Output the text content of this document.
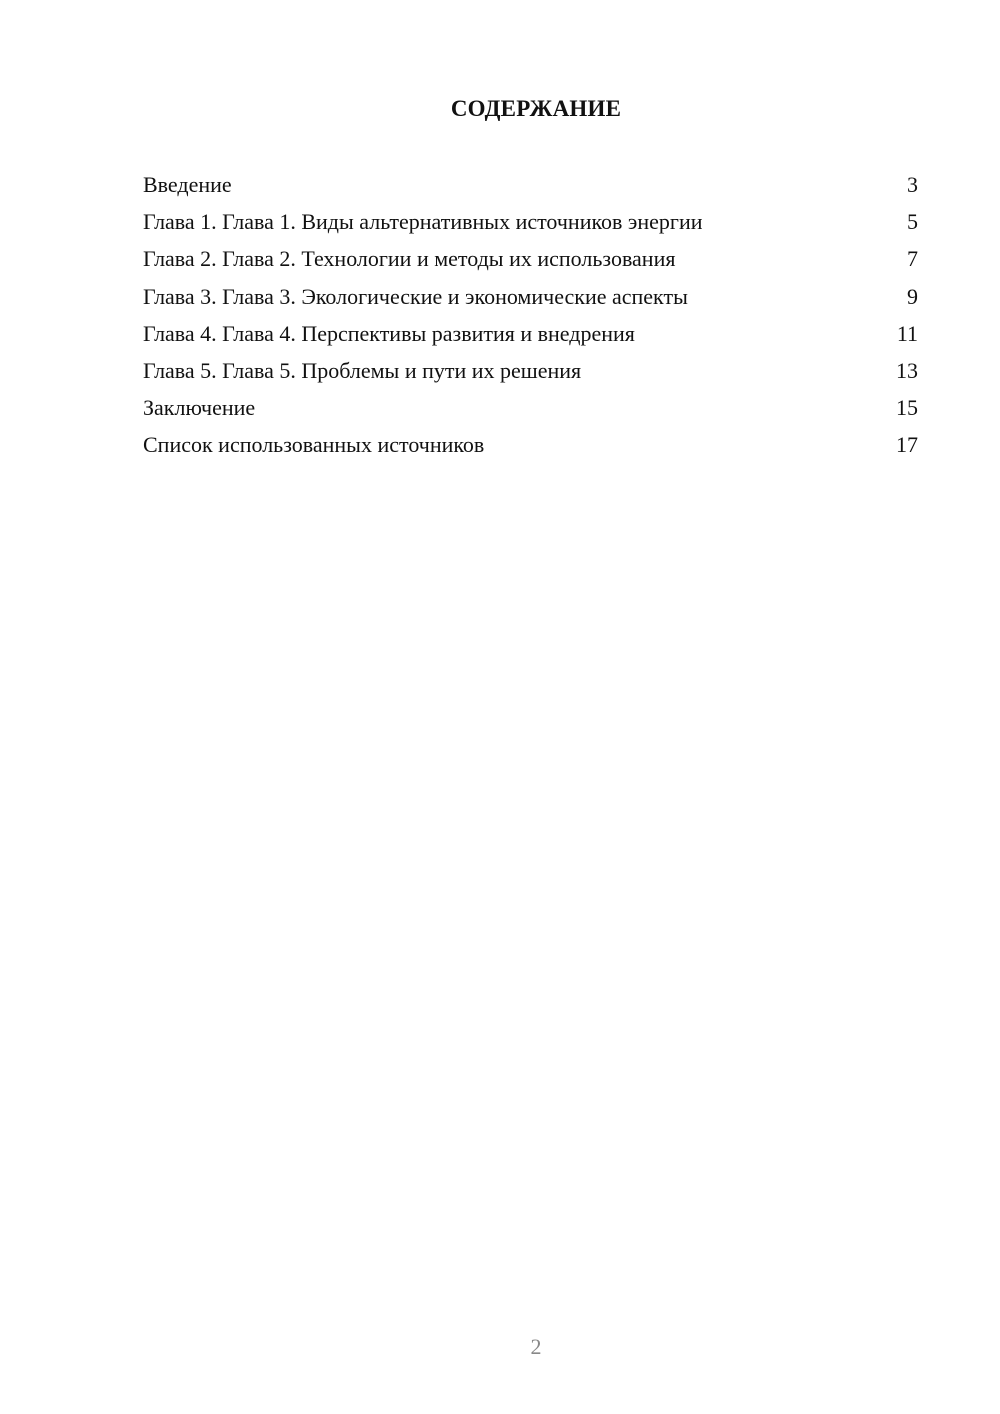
СОДЕРЖАНИЕ
Введение	3
Глава 1. Глава 1. Виды альтернативных источников энергии	5
Глава 2. Глава 2. Технологии и методы их использования	7
Глава 3. Глава 3. Экологические и экономические аспекты	9
Глава 4. Глава 4. Перспективы развития и внедрения	11
Глава 5. Глава 5. Проблемы и пути их решения	13
Заключение	15
Список использованных источников	17
2
